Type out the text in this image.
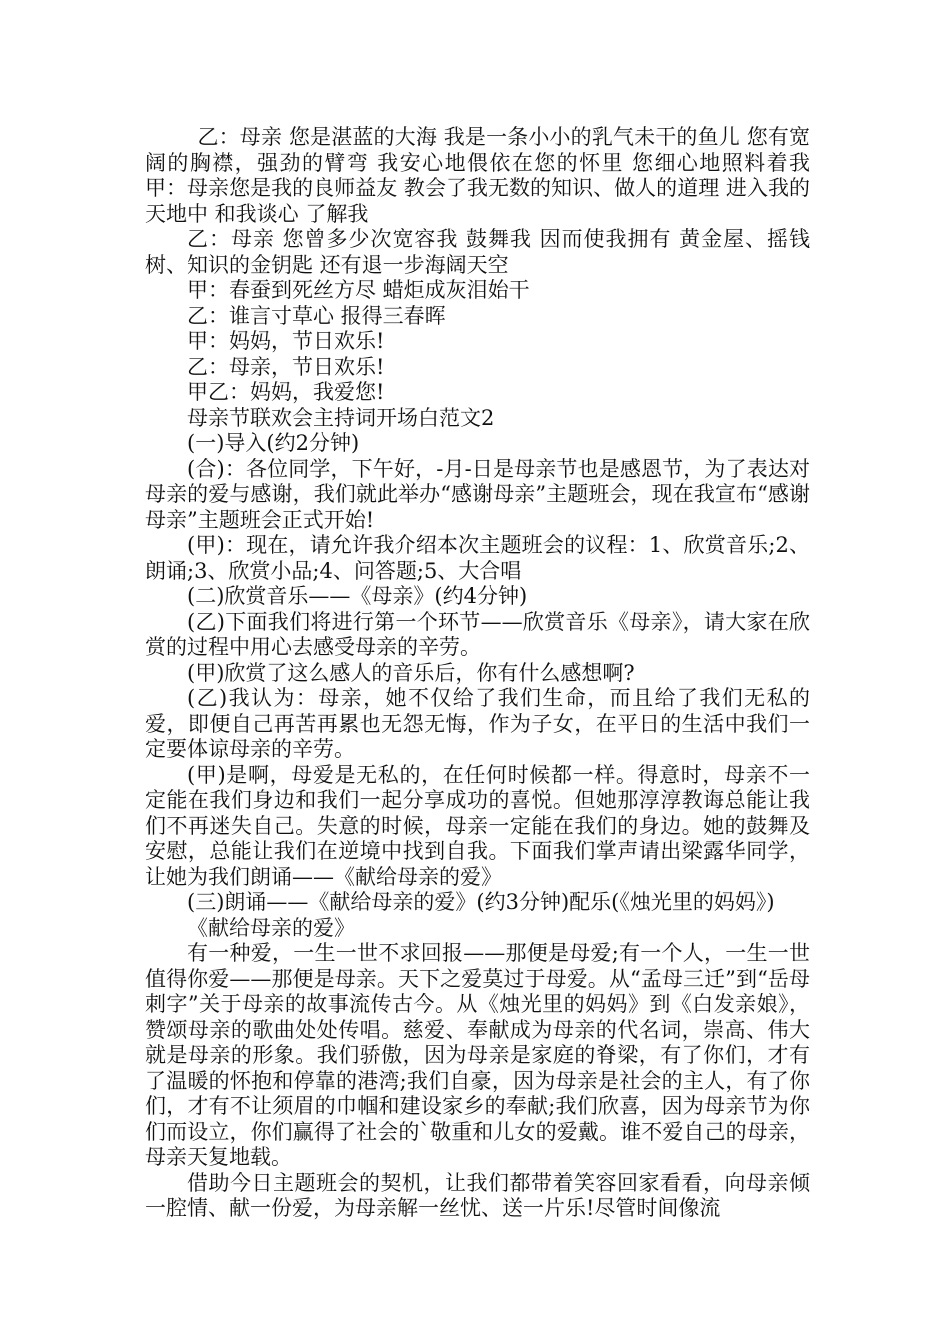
乙：母亲 您是湛蓝的大海 我是一条小小的乳气未干的鱼儿 您有宽阔的胸襟，强劲的臂弯 我安心地偎依在您的怀里 您细心地照料着我 甲：母亲您是我的良师益友 教会了我无数的知识、做人的道理 进入我的天地中 和我谈心 了解我

乙：母亲 您曾多少次宽容我 鼓舞我 因而使我拥有 黄金屋、摇钱树、知识的金钥匙 还有退一步海阔天空

甲：春蚕到死丝方尽 蜡炬成灰泪始干

乙：谁言寸草心 报得三春晖

甲：妈妈，节日欢乐!

乙：母亲，节日欢乐!

甲乙：妈妈，我爱您!

母亲节联欢会主持词开场白范文2

(一)导入(约2分钟)

(合)：各位同学，下午好，-月-日是母亲节也是感恩节，为了表达对母亲的爱与感谢，我们就此举办“感谢母亲”主题班会，现在我宣布“感谢母亲”主题班会正式开始!

(甲)：现在，请允许我介绍本次主题班会的议程：1、欣赏音乐;2、朗诵;3、欣赏小品;4、问答题;5、大合唱

(二)欣赏音乐——《母亲》(约4分钟)

(乙)下面我们将进行第一个环节——欣赏音乐《母亲》，请大家在欣赏的过程中用心去感受母亲的辛劳。

(甲)欣赏了这么感人的音乐后，你有什么感想啊?

(乙)我认为：母亲，她不仅给了我们生命，而且给了我们无私的爱，即便自己再苦再累也无怨无悔，作为子女，在平日的生活中我们一定要体谅母亲的辛劳。

(甲)是啊，母爱是无私的，在任何时候都一样。得意时，母亲不一定能在我们身边和我们一起分享成功的喜悦。但她那淳淳教诲总能让我们不再迷失自己。失意的时候，母亲一定能在我们的身边。她的鼓舞及安慰，总能让我们在逆境中找到自我。下面我们掌声请出梁露华同学，让她为我们朗诵——《献给母亲的爱》

(三)朗诵——《献给母亲的爱》(约3分钟)配乐(《烛光里的妈妈》)

《献给母亲的爱》

有一种爱，一生一世不求回报——那便是母爱;有一个人，一生一世值得你爱——那便是母亲。天下之爱莫过于母爱。从“孟母三迁”到“岳母刺字”关于母亲的故事流传古今。从《烛光里的妈妈》到《白发亲娘》，赞颂母亲的歌曲处处传唱。慈爱、奉献成为母亲的代名词，崇高、伟大就是母亲的形象。我们骄傲，因为母亲是家庭的脊梁，有了你们，才有了温暖的怀抱和停靠的港湾;我们自豪，因为母亲是社会的主人，有了你们，才有不让须眉的巾帼和建设家乡的奉献;我们欣喜，因为母亲节为你们而设立，你们赢得了社会的`敬重和儿女的爱戴。谁不爱自己的母亲，母亲天复地载。

借助今日主题班会的契机，让我们都带着笑容回家看看，向母亲倾一腔情、献一份爱，为母亲解一丝忧、送一片乐!尽管时间像流
